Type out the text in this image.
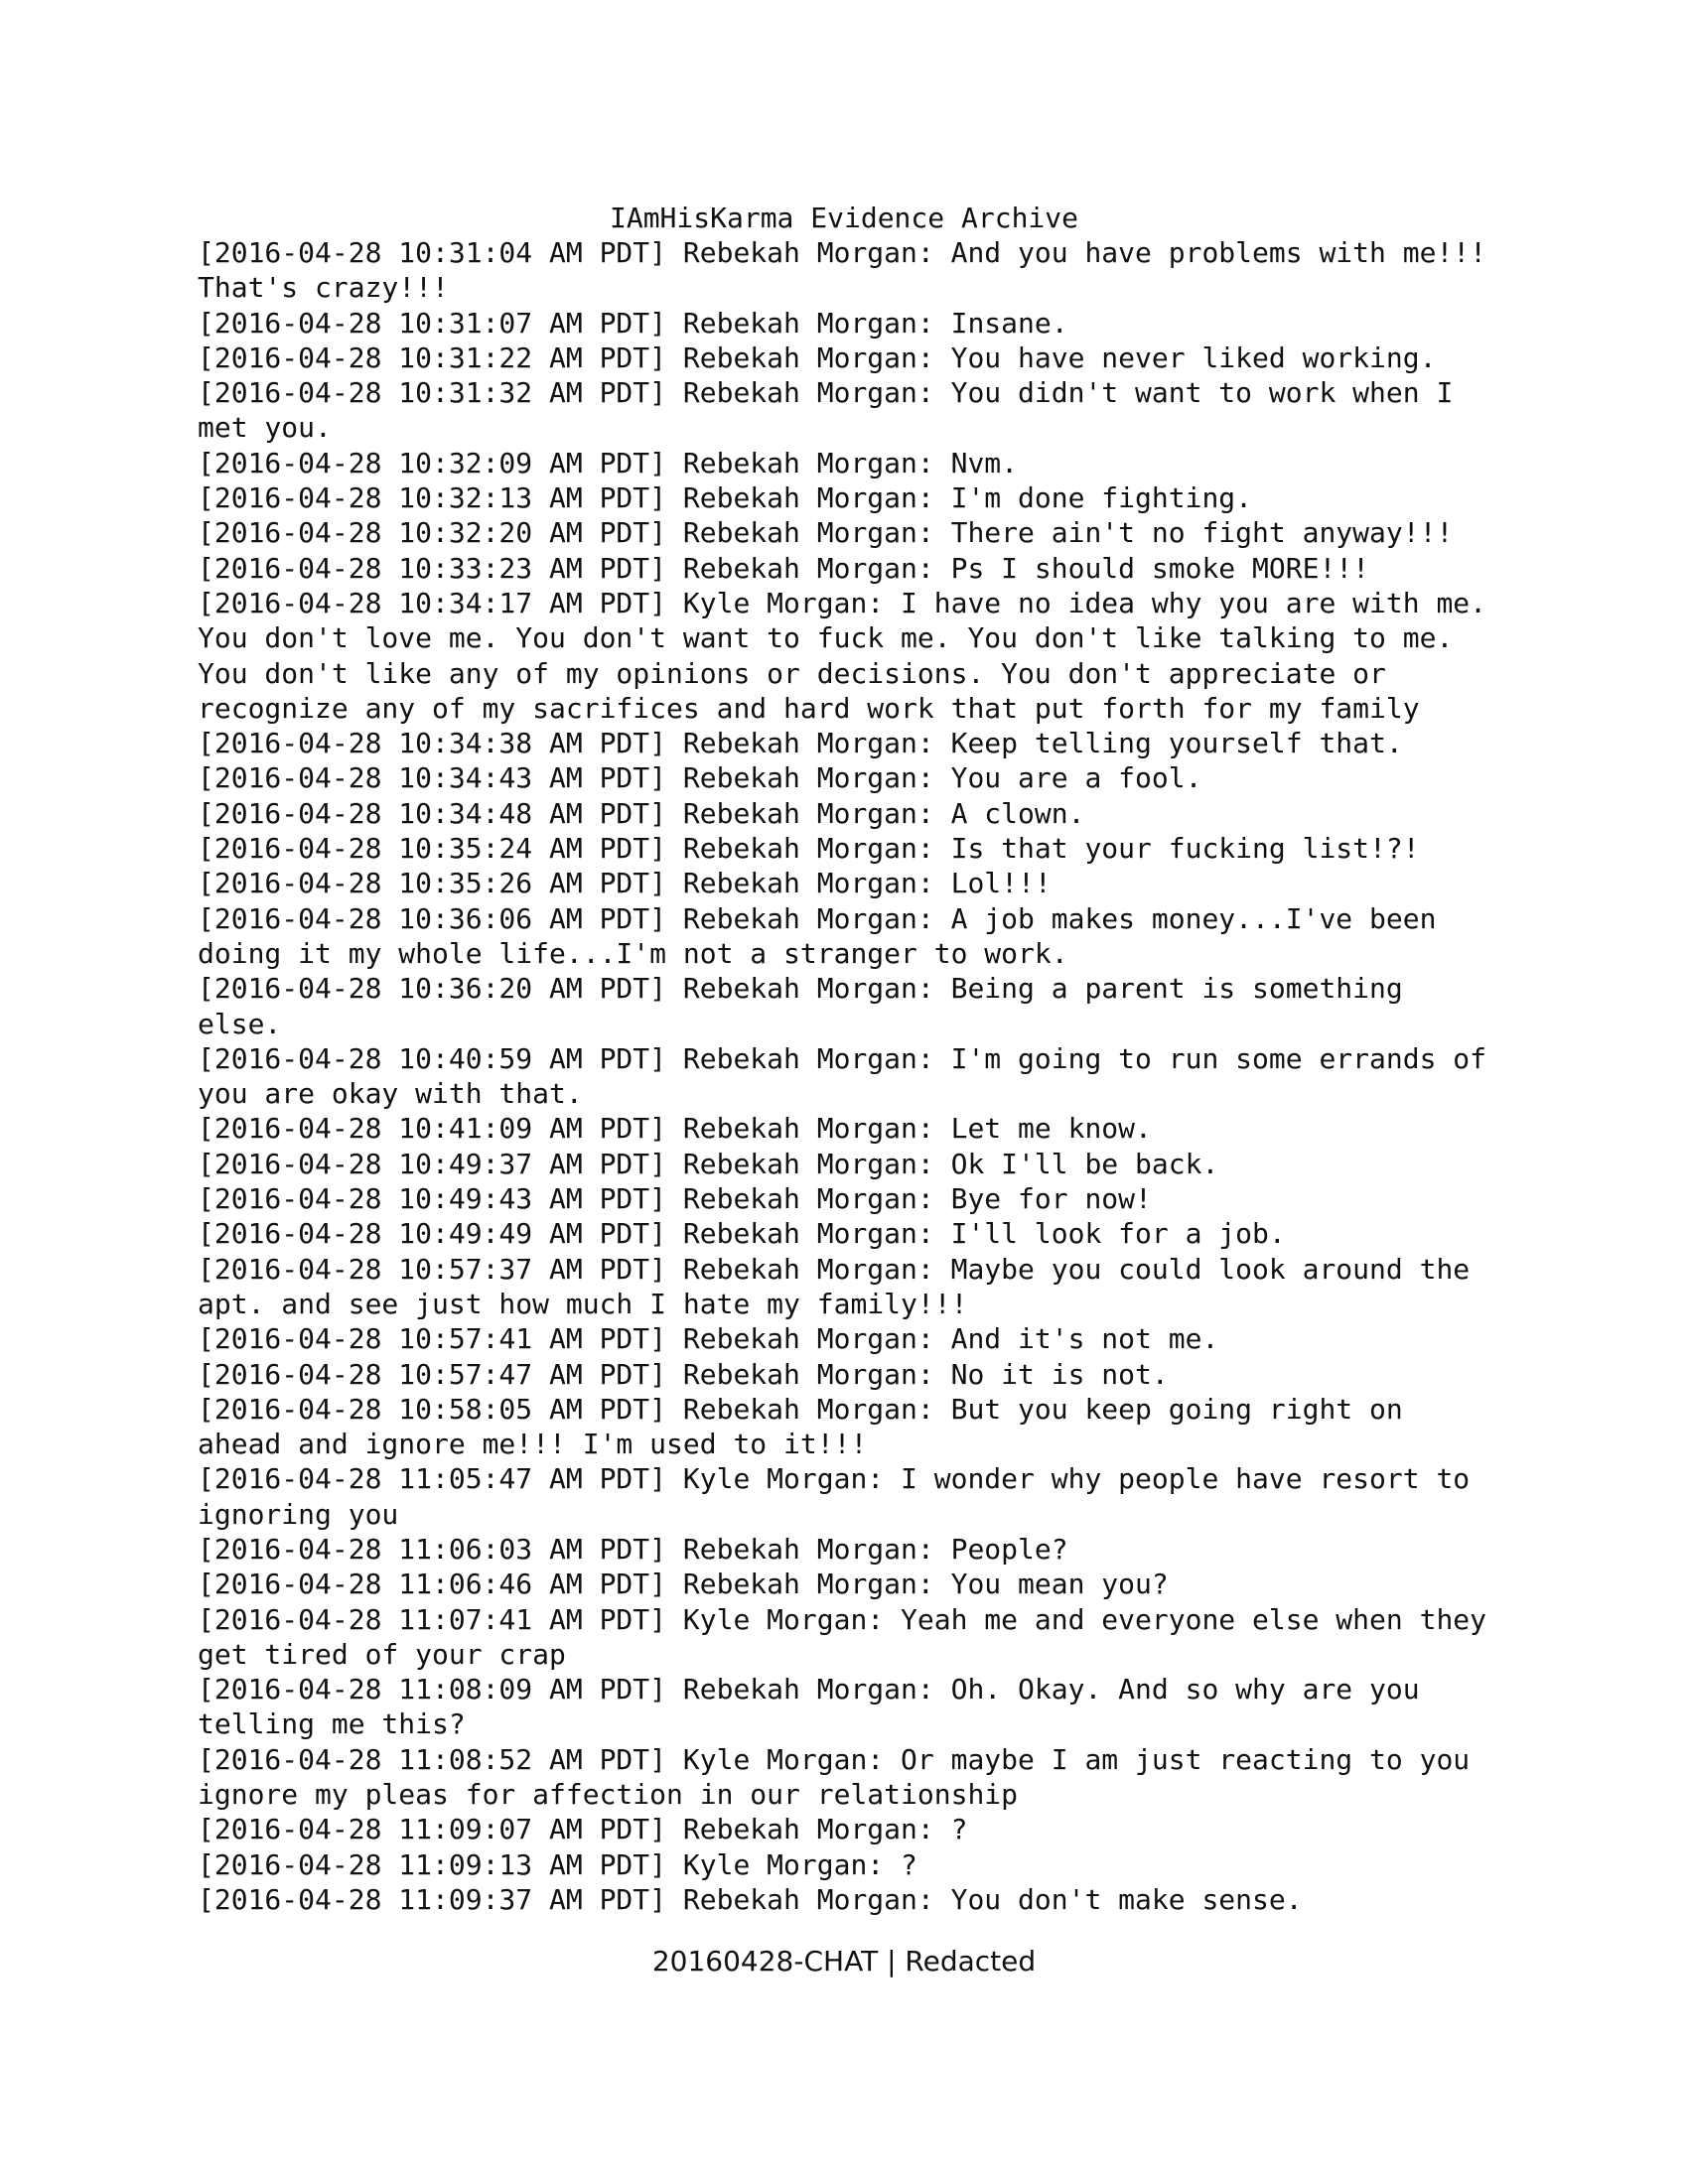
IAmHisKarma Evidence Archive
[2016-04-28 10:31:04 AM PDT] Rebekah Morgan: And you have problems with me!!!
That's crazy!!!
[2016-04-28 10:31:07 AM PDT] Rebekah Morgan: Insane.
[2016-04-28 10:31:22 AM PDT] Rebekah Morgan: You have never liked working.
[2016-04-28 10:31:32 AM PDT] Rebekah Morgan: You didn't want to work when I
met you.
[2016-04-28 10:32:09 AM PDT] Rebekah Morgan: Nvm.
[2016-04-28 10:32:13 AM PDT] Rebekah Morgan: I'm done fighting.
[2016-04-28 10:32:20 AM PDT] Rebekah Morgan: There ain't no fight anyway!!!
[2016-04-28 10:33:23 AM PDT] Rebekah Morgan: Ps I should smoke MORE!!!
[2016-04-28 10:34:17 AM PDT] Kyle Morgan: I have no idea why you are with me.
You don't love me. You don't want to fuck me. You don't like talking to me.
You don't like any of my opinions or decisions. You don't appreciate or
recognize any of my sacrifices and hard work that put forth for my family
[2016-04-28 10:34:38 AM PDT] Rebekah Morgan: Keep telling yourself that.
[2016-04-28 10:34:43 AM PDT] Rebekah Morgan: You are a fool.
[2016-04-28 10:34:48 AM PDT] Rebekah Morgan: A clown.
[2016-04-28 10:35:24 AM PDT] Rebekah Morgan: Is that your fucking list!?!
[2016-04-28 10:35:26 AM PDT] Rebekah Morgan: Lol!!!
[2016-04-28 10:36:06 AM PDT] Rebekah Morgan: A job makes money...I've been
doing it my whole life...I'm not a stranger to work.
[2016-04-28 10:36:20 AM PDT] Rebekah Morgan: Being a parent is something
else.
[2016-04-28 10:40:59 AM PDT] Rebekah Morgan: I'm going to run some errands of
you are okay with that.
[2016-04-28 10:41:09 AM PDT] Rebekah Morgan: Let me know.
[2016-04-28 10:49:37 AM PDT] Rebekah Morgan: Ok I'll be back.
[2016-04-28 10:49:43 AM PDT] Rebekah Morgan: Bye for now!
[2016-04-28 10:49:49 AM PDT] Rebekah Morgan: I'll look for a job.
[2016-04-28 10:57:37 AM PDT] Rebekah Morgan: Maybe you could look around the
apt. and see just how much I hate my family!!!
[2016-04-28 10:57:41 AM PDT] Rebekah Morgan: And it's not me.
[2016-04-28 10:57:47 AM PDT] Rebekah Morgan: No it is not.
[2016-04-28 10:58:05 AM PDT] Rebekah Morgan: But you keep going right on
ahead and ignore me!!! I'm used to it!!!
[2016-04-28 11:05:47 AM PDT] Kyle Morgan: I wonder why people have resort to
ignoring you
[2016-04-28 11:06:03 AM PDT] Rebekah Morgan: People?
[2016-04-28 11:06:46 AM PDT] Rebekah Morgan: You mean you?
[2016-04-28 11:07:41 AM PDT] Kyle Morgan: Yeah me and everyone else when they
get tired of your crap
[2016-04-28 11:08:09 AM PDT] Rebekah Morgan: Oh. Okay. And so why are you
telling me this?
[2016-04-28 11:08:52 AM PDT] Kyle Morgan: Or maybe I am just reacting to you
ignore my pleas for affection in our relationship
[2016-04-28 11:09:07 AM PDT] Rebekah Morgan: ?
[2016-04-28 11:09:13 AM PDT] Kyle Morgan: ?
[2016-04-28 11:09:37 AM PDT] Rebekah Morgan: You don't make sense.
20160428-CHAT | Redacted
